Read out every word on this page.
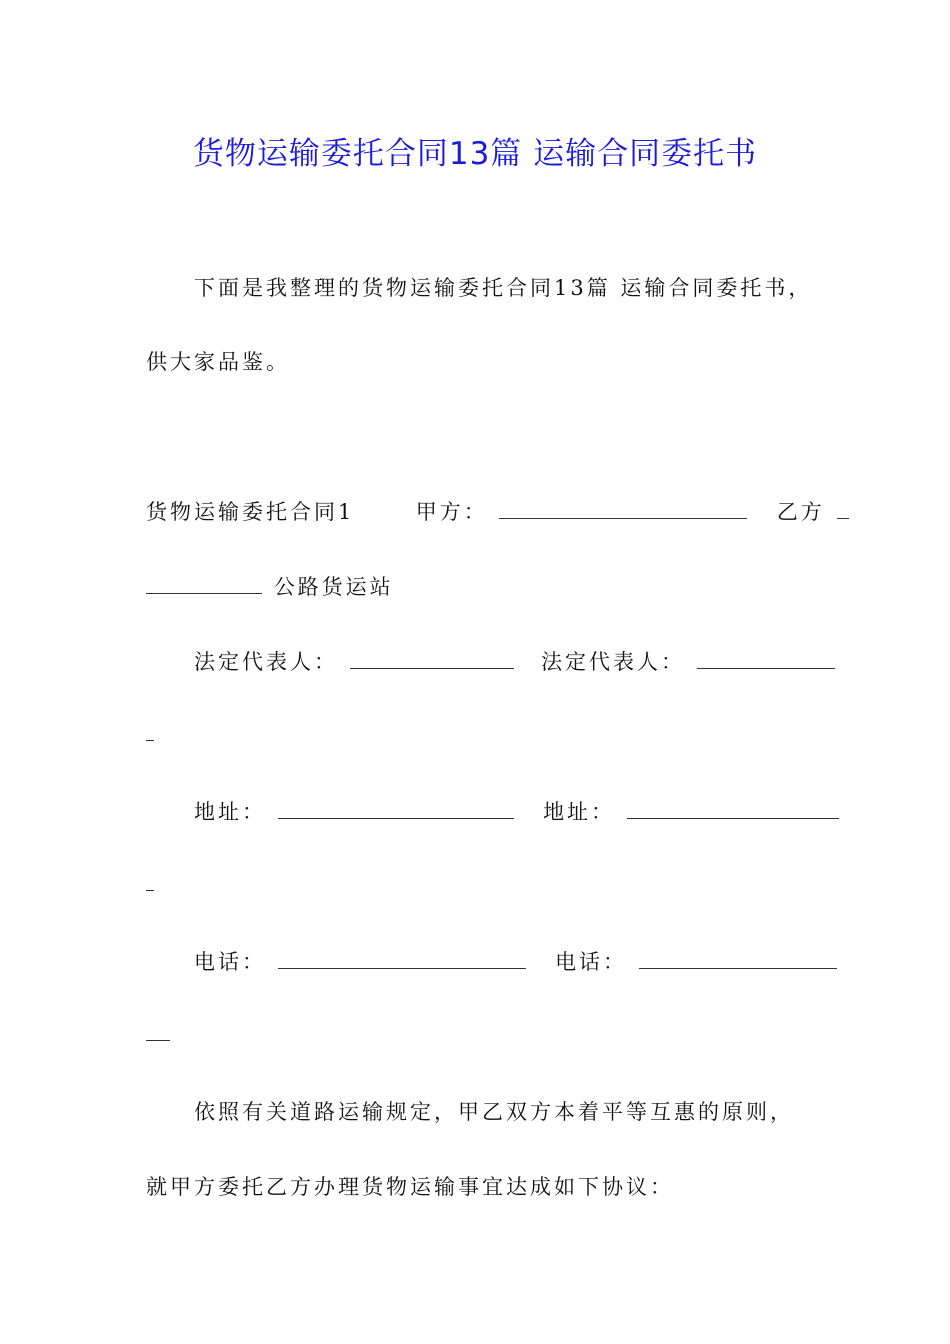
货物运输委托合同13篇 运输合同委托书
下面是我整理的货物运输委托合同13篇 运输合同委托书，
供大家品鉴。
货物运输委托合同1	甲方：	乙方
公路货运站
法定代表人：	法定代表人：
地址：	地址：
电话：	电话：
依照有关道路运输规定，甲乙双方本着平等互惠的原则，
就甲方委托乙方办理货物运输事宜达成如下协议：
